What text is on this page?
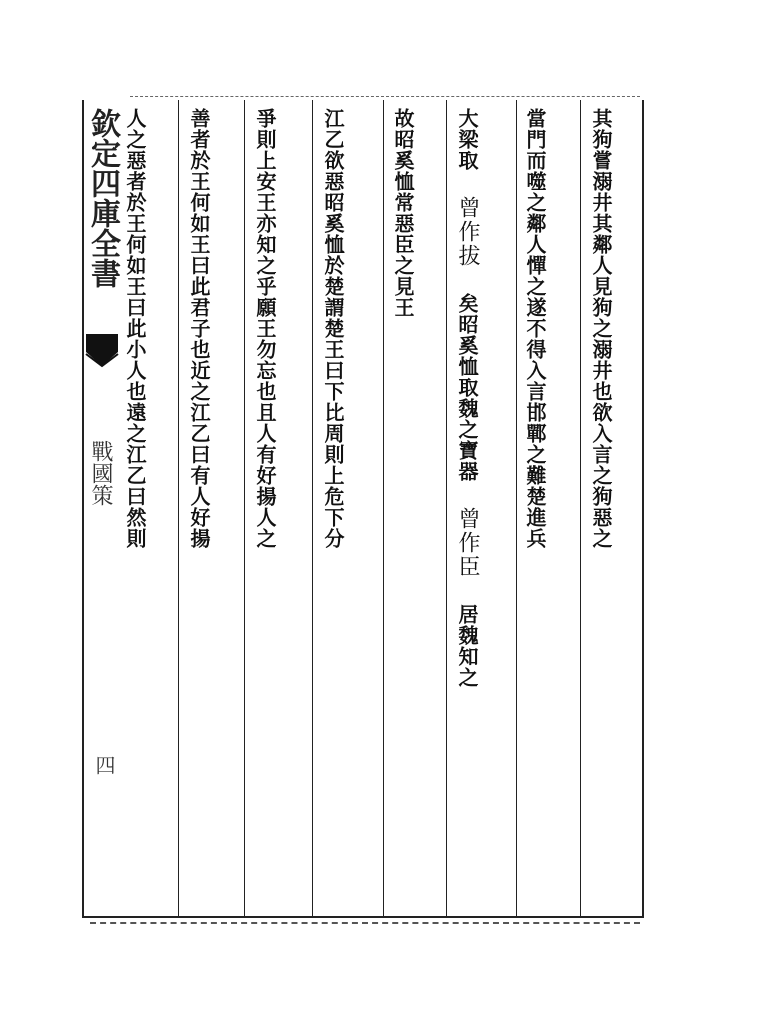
欽定四庫全書
戰國策
四
其狗嘗溺井其鄰人見狗之溺井也欲入言之狗惡之
當門而噬之鄰人憚之遂不得入言邯鄲之難楚進兵
大梁取 曾作拔 矣昭奚恤取魏之寶器 曾作臣 居魏知之
故昭奚恤常惡臣之見王
江乙欲惡昭奚恤於楚謂楚王曰下比周則上危下分
爭則上安王亦知之乎願王勿忘也且人有好揚人之
善者於王何如王曰此君子也近之江乙曰有人好揚
人之惡者於王何如王曰此小人也遠之江乙曰然則
